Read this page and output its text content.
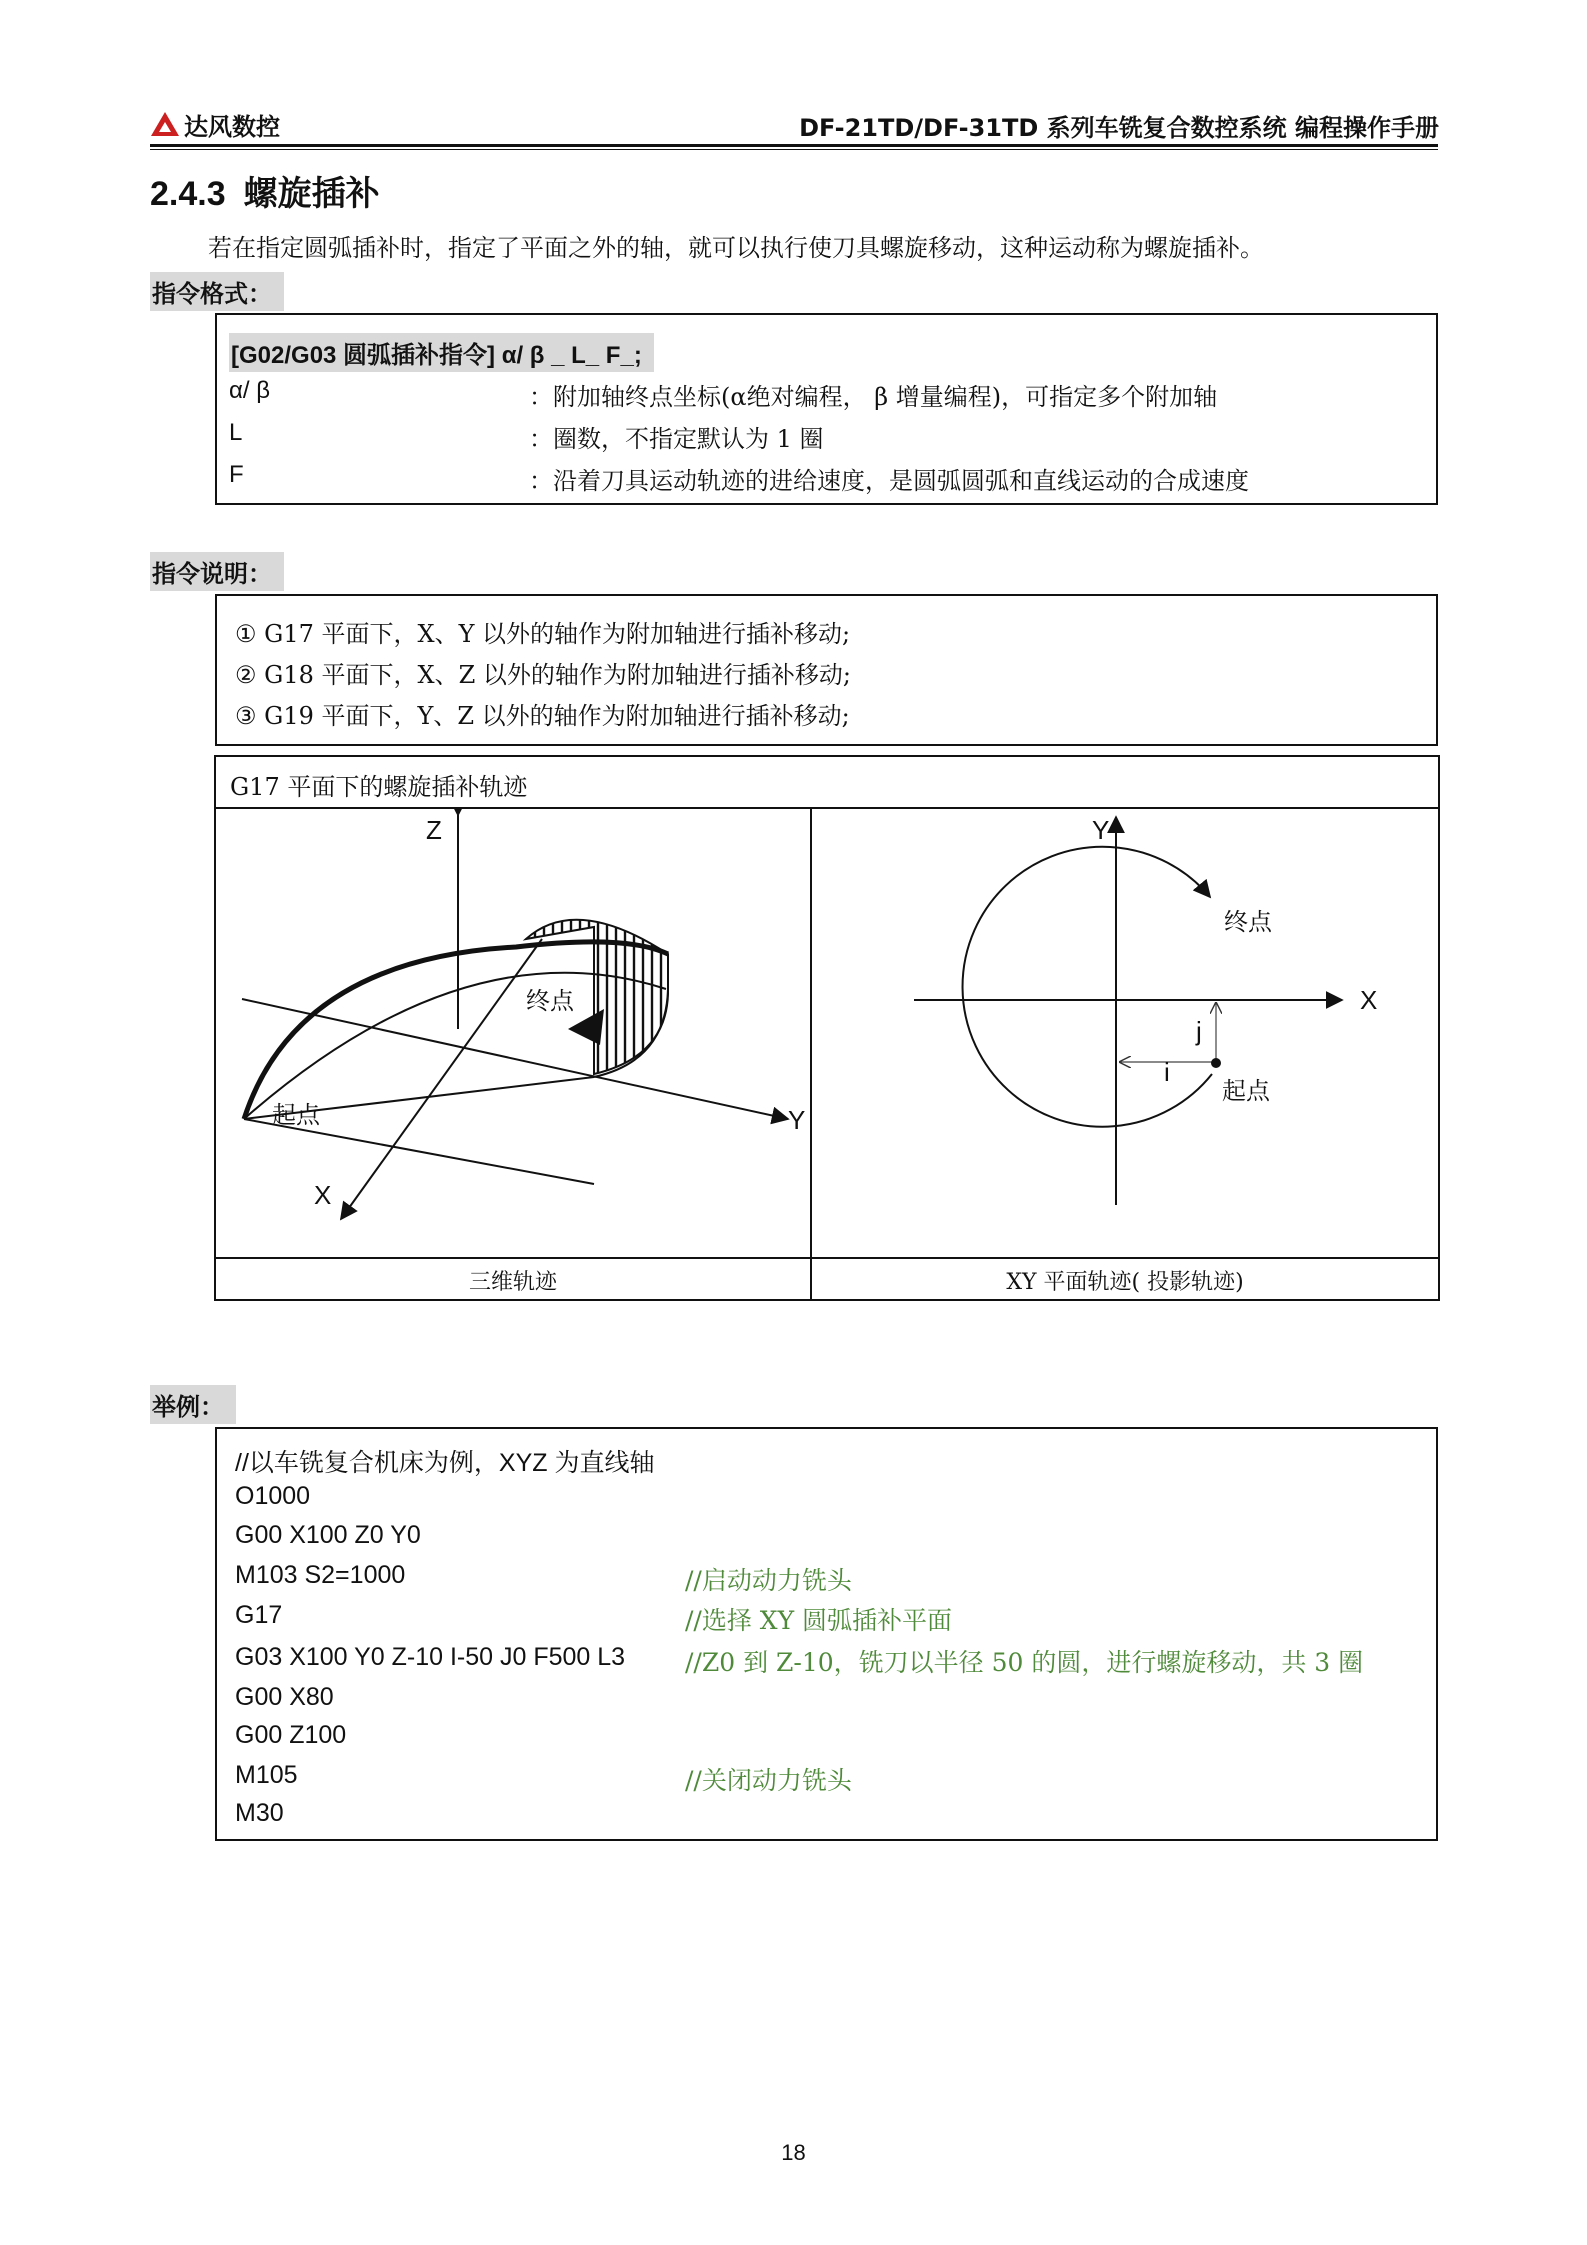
达风数控	DF-21TD/DF-31TD 系列车铣复合数控系统 编程操作手册
2.4.3 螺旋插补
若在指定圆弧插补时，指定了平面之外的轴，就可以执行使刀具螺旋移动，这种运动称为螺旋插补。
指令格式：
[G02/G03 圆弧插补指令] α/ β _ L_ F_;
α/ β	：附加轴终点坐标(α绝对编程， β 增量编程)，可指定多个附加轴
L	：圈数，不指定默认为 1 圈
F	：沿着刀具运动轨迹的进给速度，是圆弧圆弧和直线运动的合成速度
指令说明：
① G17 平面下，X、Y 以外的轴作为附加轴进行插补移动;
② G18 平面下，X、Z 以外的轴作为附加轴进行插补移动;
③ G19 平面下，Y、Z 以外的轴作为附加轴进行插补移动;
G17 平面下的螺旋插补轨迹
终点
起点
Z
Y
X
起点
终点
j
i
X
Y
三维轨迹	XY 平面轨迹( 投影轨迹)
举例：
//以车铣复合机床为例，XYZ 为直线轴
O1000
G00 X100 Z0 Y0
M103 S2=1000	//启动动力铣头
G17	//选择 XY 圆弧插补平面
G03 X100 Y0 Z-10 I-50 J0 F500 L3 //Z0 到 Z-10，铣刀以半径 50 的圆，进行螺旋移动，共 3 圈
G00 X80
G00 Z100
M105	//关闭动力铣头
M30
18
